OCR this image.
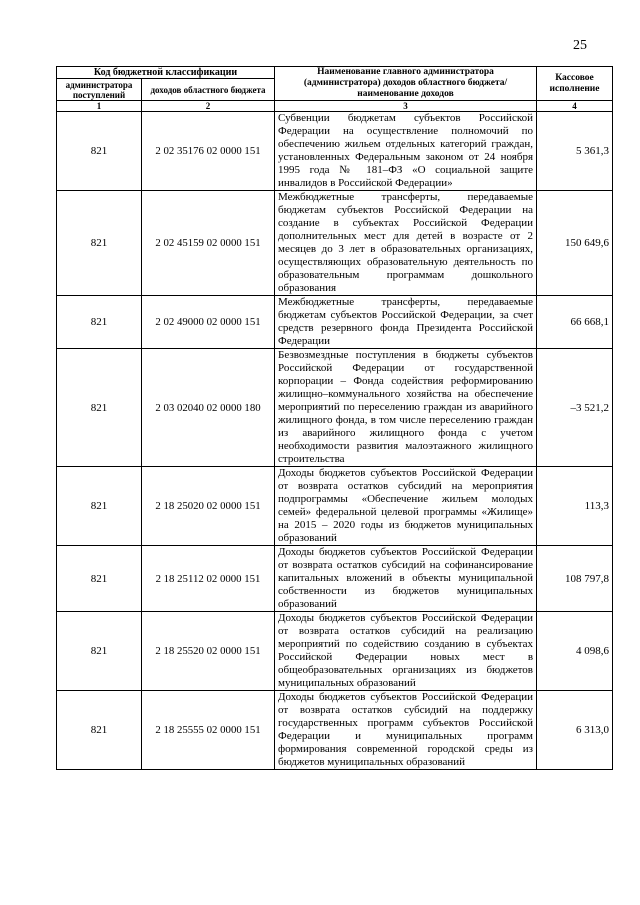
25
Код бюджетной классификации		Наименование главного администратора (администратора) доходов областного бюджета/ наименование доходов	Кассовое исполнение
администратора поступлений	доходов областного бюджета		
1	2	3	4
821	2 02 35176 02 0000 151	Субвенции бюджетам субъектов Российской Федерации на осуществление полномочий по обеспечению жильем отдельных категорий граждан, установленных Федеральным законом от 24 ноября 1995 года № 181–ФЗ «О социальной защите инвалидов в Российской Федерации»	5 361,3
821	2 02 45159 02 0000 151	Межбюджетные трансферты, передаваемые бюджетам субъектов Российской Федерации на создание в субъектах Российской Федерации дополнительных мест для детей в возрасте от 2 месяцев до 3 лет в образовательных организациях, осуществляющих образовательную деятельность по образовательным программам дошкольного образования	150 649,6
821	2 02 49000 02 0000 151	Межбюджетные трансферты, передаваемые бюджетам субъектов Российской Федерации, за счет средств резервного фонда Президента Российской Федерации	66 668,1
821	2 03 02040 02 0000 180	Безвозмездные поступления в бюджеты субъектов Российской Федерации от государственной корпорации – Фонда содействия реформированию жилищно–коммунального хозяйства на обеспечение мероприятий по переселению граждан из аварийного жилищного фонда, в том числе переселению граждан из аварийного жилищного фонда с учетом необходимости развития малоэтажного жилищного строительства	–3 521,2
821	2 18 25020 02 0000 151	Доходы бюджетов субъектов Российской Федерации от возврата остатков субсидий на мероприятия подпрограммы «Обеспечение жильем молодых семей» федеральной целевой программы «Жилище» на 2015 – 2020 годы из бюджетов муниципальных образований	113,3
821	2 18 25112 02 0000 151	Доходы бюджетов субъектов Российской Федерации от возврата остатков субсидий на софинансирование капитальных вложений в объекты муниципальной собственности из бюджетов муниципальных образований	108 797,8
821	2 18 25520 02 0000 151	Доходы бюджетов субъектов Российской Федерации от возврата остатков субсидий на реализацию мероприятий по содействию созданию в субъектах Российской Федерации новых мест в общеобразовательных организациях из бюджетов муниципальных образований	4 098,6
821	2 18 25555 02 0000 151	Доходы бюджетов субъектов Российской Федерации от возврата остатков субсидий на поддержку государственных программ субъектов Российской Федерации и муниципальных программ формирования современной городской среды из бюджетов муниципальных образований	6 313,0
